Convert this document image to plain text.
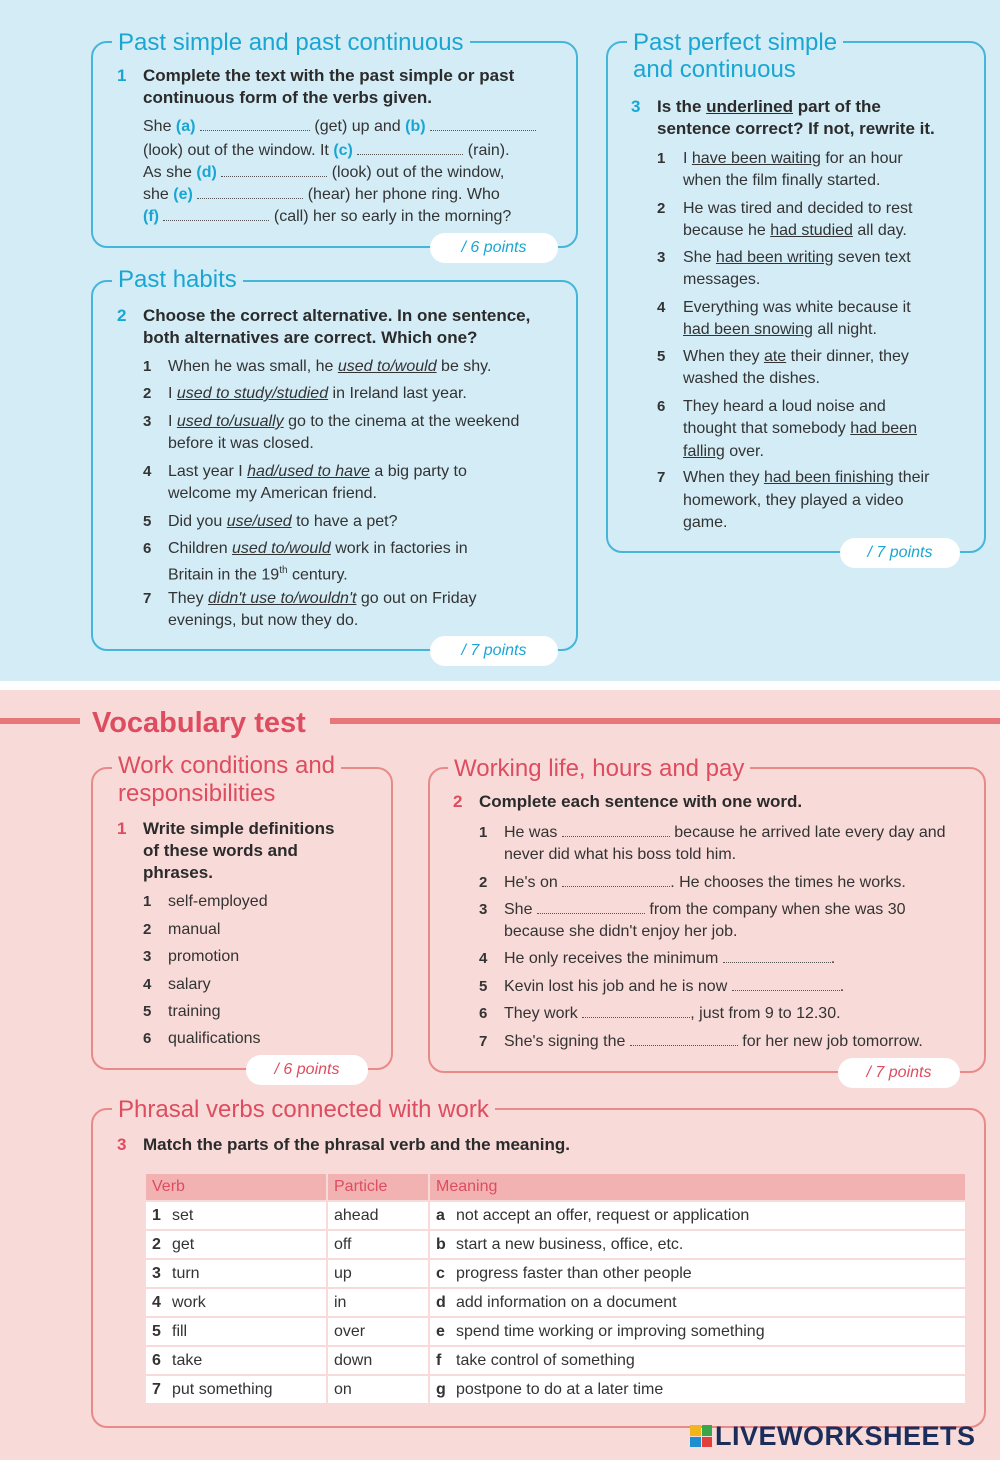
Past simple and past continuous
1 Complete the text with the past simple or past
continuous form of the verbs given.
She (a)	(get) up and (b)
(look) out of the window. It (c)	(rain).
As she (d)	(look) out of the window,
she (e)	(hear) her phone ring. Who
(f)	(call) her so early in the morning?
/ 6 points
Past habits
2 Choose the correct alternative. In one sentence,
both alternatives are correct. Which one?
1 When he was small, he used to/would be shy.
2 I used to study/studied in Ireland last year.
3 I used to/usually go to the cinema at the weekend
before it was closed.
4 Last year I had/used to have a big party to
welcome my American friend.
5 Did you use/used to have a pet?
6 Children used to/would work in factories in
Britain in the 19th century.
7 They didn't use to/wouldn't go out on Friday
evenings, but now they do.
/ 7 points
Past perfect simple
and continuous
3 Is the underlined part of the
sentence correct? If not, rewrite it.
1 I have been waiting for an hour
when the film finally started.
2 He was tired and decided to rest
because he had studied all day.
3 She had been writing seven text
messages.
4 Everything was white because it
had been snowing all night.
5 When they ate their dinner, they
washed the dishes.
6 They heard a loud noise and
thought that somebody had been
falling over.
7 When they had been finishing their
homework, they played a video
game.
/ 7 points
Vocabulary test
Work conditions and
responsibilities
1 Write simple definitions
of these words and
phrases.
1 self-employed
2 manual
3 promotion
4 salary
5 training
6 qualifications
/ 6 points
Working life, hours and pay
2 Complete each sentence with one word.
1 He was	because he arrived late every day and
never did what his boss told him.
2 He's on	. He chooses the times he works.
3 She	from the company when she was 30
because she didn't enjoy her job.
4 He only receives the minimum	.
5 Kevin lost his job and he is now	.
6 They work	, just from 9 to 12.30.
7 She's signing the	for her new job tomorrow.
/ 7 points
Phrasal verbs connected with work
3 Match the parts of the phrasal verb and the meaning.
Verb	Particle	Meaning
1 set	ahead	a not accept an offer, request or application
2 get	off	b start a new business, office, etc.
3 turn	up	c progress faster than other people
4 work	in	d add information on a document
5 fill	over	e spend time working or improving something
6 take	down	f take control of something
7 put something	on	g postpone to do at a later time
LIVEWORKSHEETS
